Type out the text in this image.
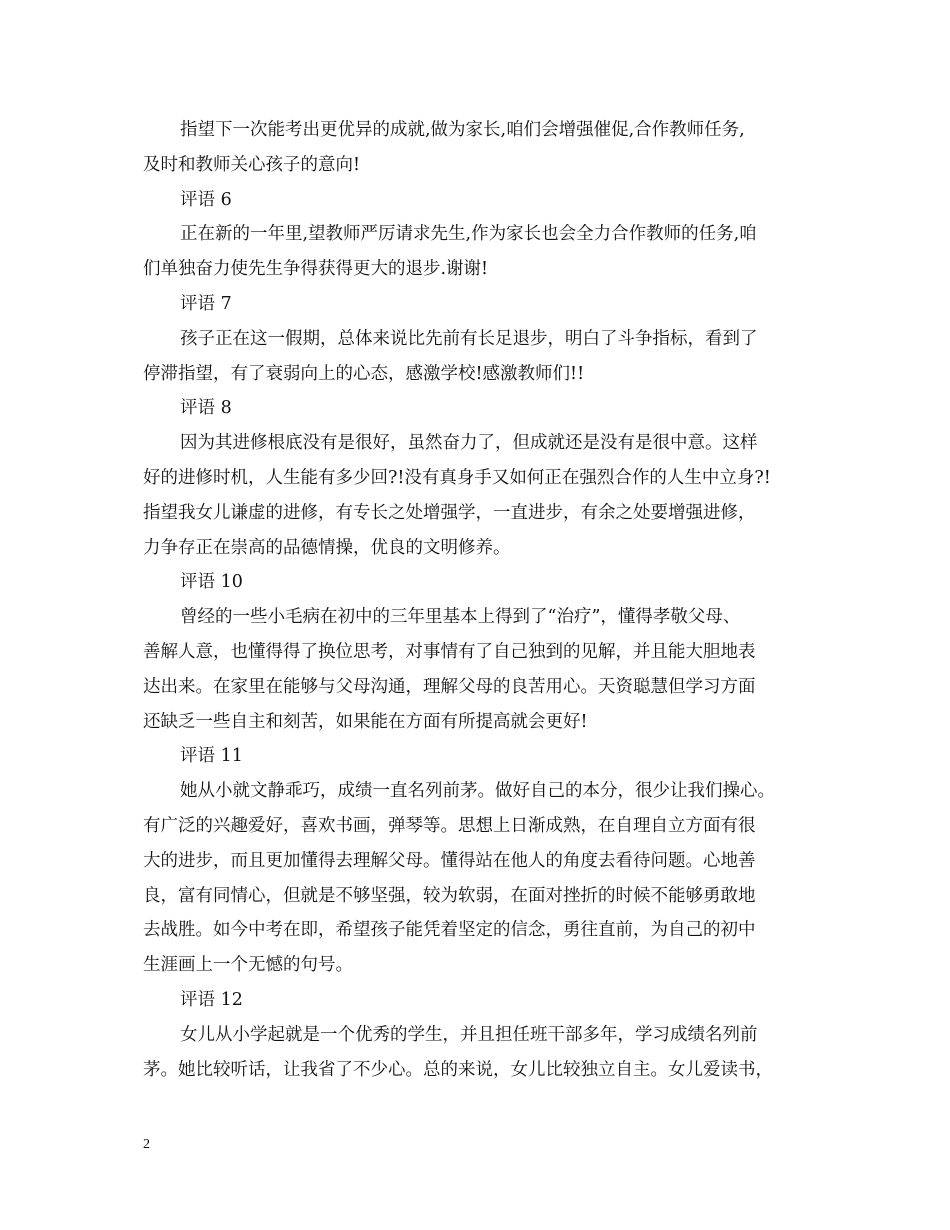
指望下一次能考出更优异的成就,做为家长,咱们会增强催促,合作教师任务,
及时和教师关心孩子的意向!
评语 6
正在新的一年里,望教师严厉请求先生,作为家长也会全力合作教师的任务,咱
们单独奋力使先生争得获得更大的退步.谢谢!
评语 7
孩子正在这一假期，总体来说比先前有长足退步，明白了斗争指标，看到了
停滞指望，有了衰弱向上的心态，感激学校!感激教师们!!
评语 8
因为其进修根底没有是很好，虽然奋力了，但成就还是没有是很中意。这样
好的进修时机，人生能有多少回?!没有真身手又如何正在强烈合作的人生中立身?!
指望我女儿谦虚的进修，有专长之处增强学，一直进步，有余之处要增强进修，
力争存正在崇高的品德情操，优良的文明修养。
评语 10
曾经的一些小毛病在初中的三年里基本上得到了“治疗”，懂得孝敬父母、
善解人意，也懂得得了换位思考，对事情有了自己独到的见解，并且能大胆地表
达出来。在家里在能够与父母沟通，理解父母的良苦用心。天资聪慧但学习方面
还缺乏一些自主和刻苦，如果能在方面有所提高就会更好!
评语 11
她从小就文静乖巧，成绩一直名列前茅。做好自己的本分，很少让我们操心。
有广泛的兴趣爱好，喜欢书画，弹琴等。思想上日渐成熟，在自理自立方面有很
大的进步，而且更加懂得去理解父母。懂得站在他人的角度去看待问题。心地善
良，富有同情心，但就是不够坚强，较为软弱，在面对挫折的时候不能够勇敢地
去战胜。如今中考在即，希望孩子能凭着坚定的信念，勇往直前，为自己的初中
生涯画上一个无憾的句号。
评语 12
女儿从小学起就是一个优秀的学生，并且担任班干部多年，学习成绩名列前
茅。她比较听话，让我省了不少心。总的来说，女儿比较独立自主。女儿爱读书，
2
